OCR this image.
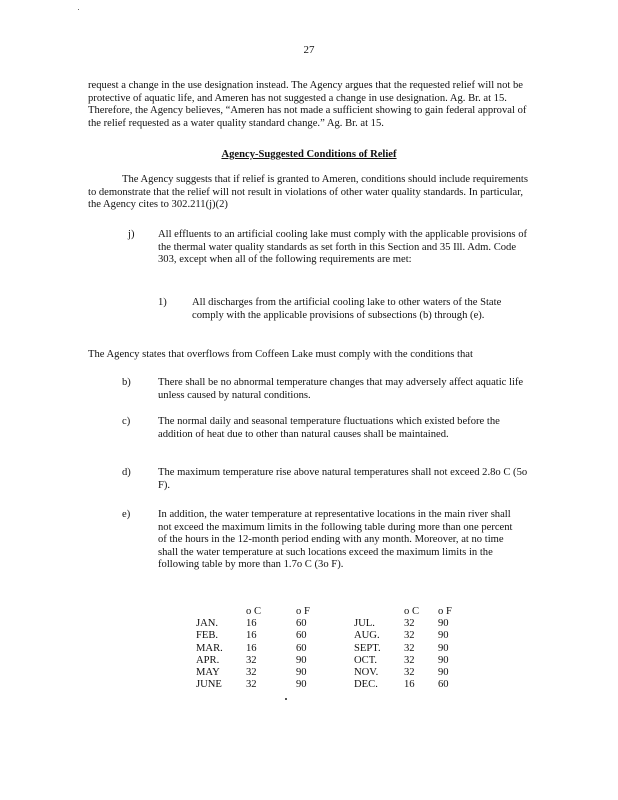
27
request a change in the use designation instead. The Agency argues that the requested relief will not be protective of aquatic life, and Ameren has not suggested a change in use designation. Ag. Br. at 15. Therefore, the Agency believes, “Ameren has not made a sufficient showing to gain federal approval of the relief requested as a water quality standard change.” Ag. Br. at 15.
Agency-Suggested Conditions of Relief
The Agency suggests that if relief is granted to Ameren, conditions should include requirements to demonstrate that the relief will not result in violations of other water quality standards. In particular, the Agency cites to 302.211(j)(2)
j) All effluents to an artificial cooling lake must comply with the applicable provisions of the thermal water quality standards as set forth in this Section and 35 Ill. Adm. Code 303, except when all of the following requirements are met:
1) All discharges from the artificial cooling lake to other waters of the State comply with the applicable provisions of subsections (b) through (e).
The Agency states that overflows from Coffeen Lake must comply with the conditions that
b)	There shall be no abnormal temperature changes that may adversely affect aquatic life unless caused by natural conditions.
c)	The normal daily and seasonal temperature fluctuations which existed before the addition of heat due to other than natural causes shall be maintained.
d)	The maximum temperature rise above natural temperatures shall not exceed 2.8o C (5o F).
e)	In addition, the water temperature at representative locations in the main river shall not exceed the maximum limits in the following table during more than one percent of the hours in the 12-month period ending with any month. Moreover, at no time shall the water temperature at such locations exceed the maximum limits in the following table by more than 1.7o C (3o F).
	o C	o F		o C	o F
JAN.	16	60	JUL.	32	90
FEB.	16	60	AUG.	32	90
MAR.	16	60	SEPT.	32	90
APR.	32	90	OCT.	32	90
MAY	32	90	NOV.	32	90
JUNE	32	90	DEC.	16	60
